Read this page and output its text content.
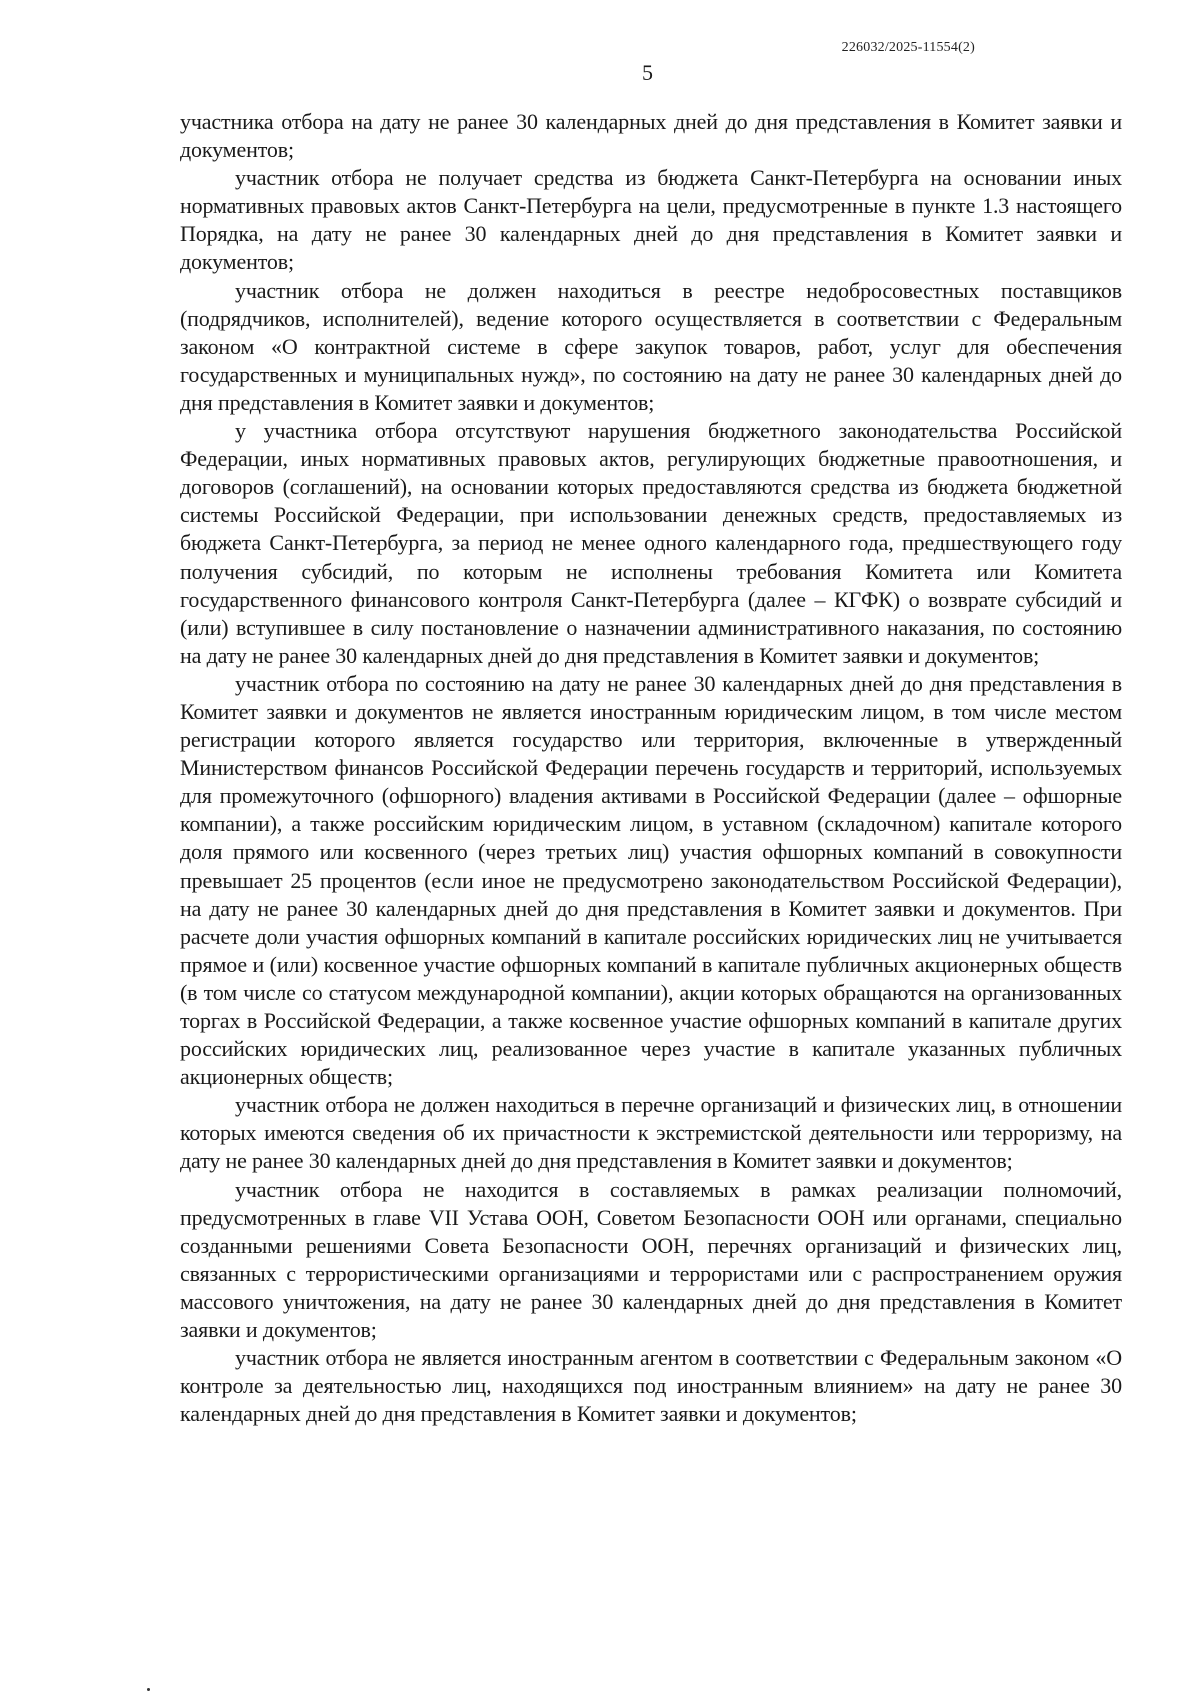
226032/2025-11554(2)
5

участника отбора на дату не ранее 30 календарных дней до дня представления в Комитет заявки и документов;

участник отбора не получает средства из бюджета Санкт-Петербурга на основании иных нормативных правовых актов Санкт-Петербурга на цели, предусмотренные в пункте 1.3 настоящего Порядка, на дату не ранее 30 календарных дней до дня представления в Комитет заявки и документов;

участник отбора не должен находиться в реестре недобросовестных поставщиков (подрядчиков, исполнителей), ведение которого осуществляется в соответствии с Федеральным законом «О контрактной системе в сфере закупок товаров, работ, услуг для обеспечения государственных и муниципальных нужд», по состоянию на дату не ранее 30 календарных дней до дня представления в Комитет заявки и документов;

у участника отбора отсутствуют нарушения бюджетного законодательства Российской Федерации, иных нормативных правовых актов, регулирующих бюджетные правоотношения, и договоров (соглашений), на основании которых предоставляются средства из бюджета бюджетной системы Российской Федерации, при использовании денежных средств, предоставляемых из бюджета Санкт-Петербурга, за период не менее одного календарного года, предшествующего году получения субсидий, по которым не исполнены требования Комитета или Комитета государственного финансового контроля Санкт-Петербурга (далее – КГФК) о возврате субсидий и (или) вступившее в силу постановление о назначении административного наказания, по состоянию на дату не ранее 30 календарных дней до дня представления в Комитет заявки и документов;

участник отбора по состоянию на дату не ранее 30 календарных дней до дня представления в Комитет заявки и документов не является иностранным юридическим лицом, в том числе местом регистрации которого является государство или территория, включенные в утвержденный Министерством финансов Российской Федерации перечень государств и территорий, используемых для промежуточного (офшорного) владения активами в Российской Федерации (далее – офшорные компании), а также российским юридическим лицом, в уставном (складочном) капитале которого доля прямого или косвенного (через третьих лиц) участия офшорных компаний в совокупности превышает 25 процентов (если иное не предусмотрено законодательством Российской Федерации), на дату не ранее 30 календарных дней до дня представления в Комитет заявки и документов. При расчете доли участия офшорных компаний в капитале российских юридических лиц не учитывается прямое и (или) косвенное участие офшорных компаний в капитале публичных акционерных обществ (в том числе со статусом международной компании), акции которых обращаются на организованных торгах в Российской Федерации, а также косвенное участие офшорных компаний в капитале других российских юридических лиц, реализованное через участие в капитале указанных публичных акционерных обществ;

участник отбора не должен находиться в перечне организаций и физических лиц, в отношении которых имеются сведения об их причастности к экстремистской деятельности или терроризму, на дату не ранее 30 календарных дней до дня представления в Комитет заявки и документов;

участник отбора не находится в составляемых в рамках реализации полномочий, предусмотренных в главе VII Устава ООН, Советом Безопасности ООН или органами, специально созданными решениями Совета Безопасности ООН, перечнях организаций и физических лиц, связанных с террористическими организациями и террористами или с распространением оружия массового уничтожения, на дату не ранее 30 календарных дней до дня представления в Комитет заявки и документов;

участник отбора не является иностранным агентом в соответствии с Федеральным законом «О контроле за деятельностью лиц, находящихся под иностранным влиянием» на дату не ранее 30 календарных дней до дня представления в Комитет заявки и документов;
